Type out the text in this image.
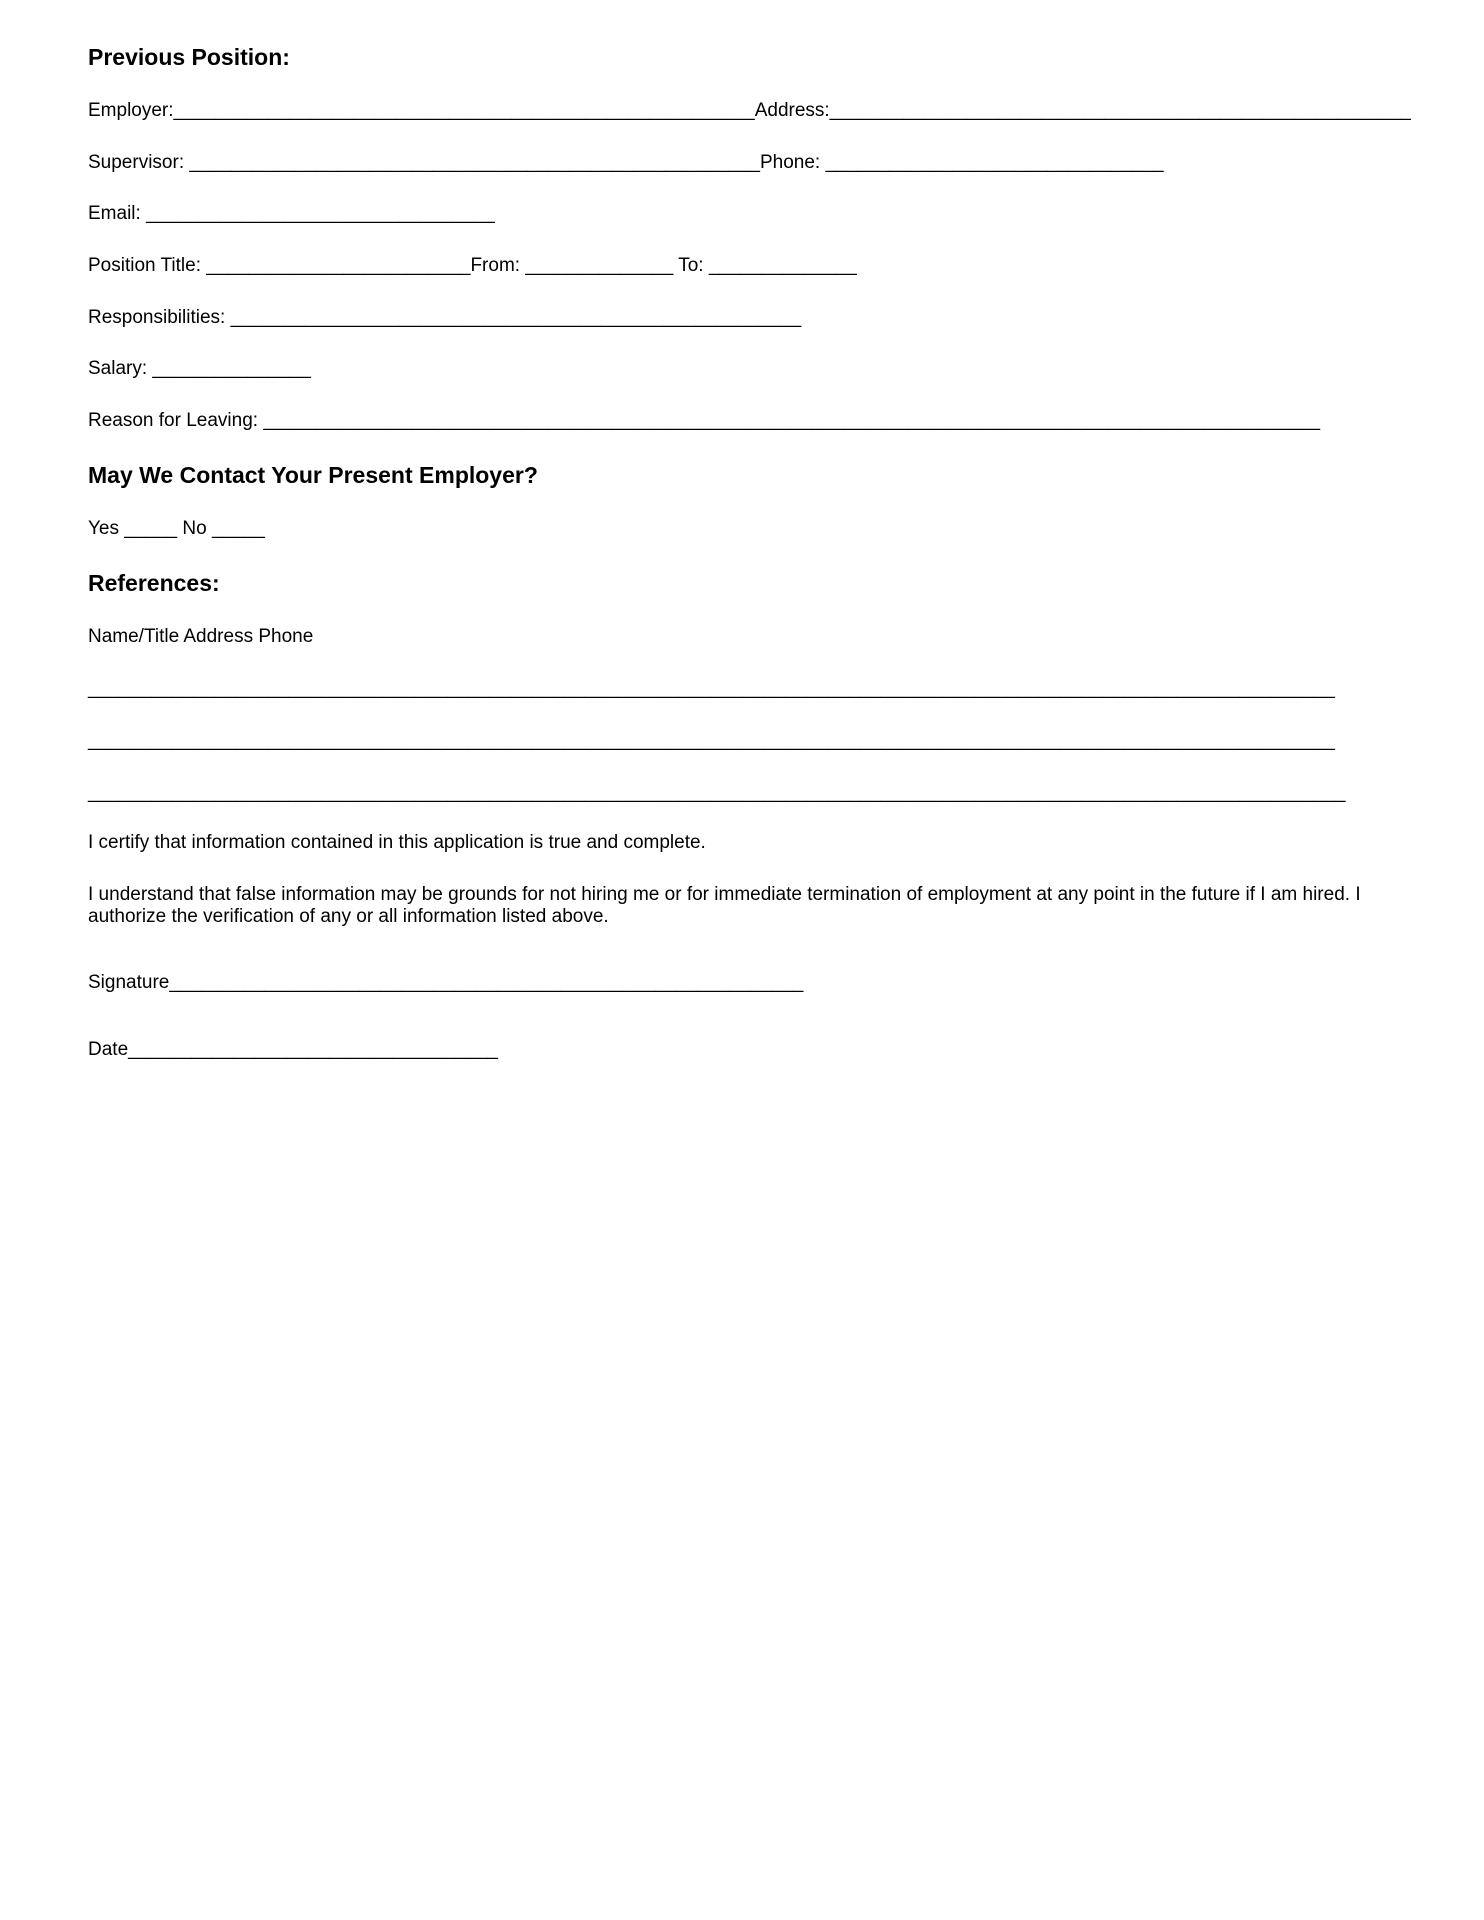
Previous Position:
Employer:_______________________________________________________Address:_______________________________________________________
Supervisor: ______________________________________________________Phone: ________________________________
Email: _________________________________
Position Title: _________________________From: ______________ To: ______________
Responsibilities: ______________________________________________________
Salary: _______________
Reason for Leaving: ____________________________________________________________________________________________________
May We Contact Your Present Employer?
Yes _____ No _____
References:
Name/Title Address Phone
______________________________________________________________________________________________________________________
______________________________________________________________________________________________________________________
_______________________________________________________________________________________________________________________
I certify that information contained in this application is true and complete.
I understand that false information may be grounds for not hiring me or for immediate termination of employment at any point in the future if I am hired. I authorize the verification of any or all information listed above.
Signature____________________________________________________________
Date___________________________________
